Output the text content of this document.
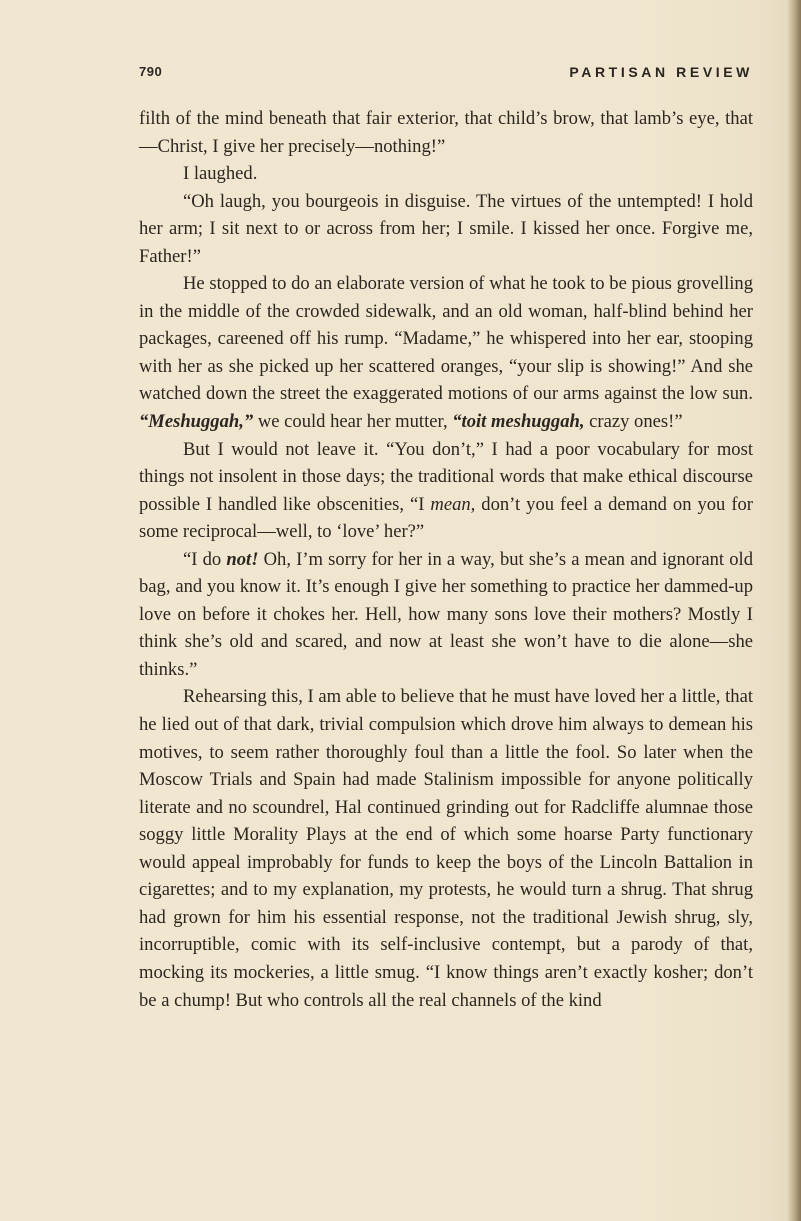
790	PARTISAN REVIEW

filth of the mind beneath that fair exterior, that child’s brow, that lamb’s eye, that—Christ, I give her precisely—nothing!”

I laughed.

“Oh laugh, you bourgeois in disguise. The virtues of the untempted! I hold her arm; I sit next to or across from her; I smile. I kissed her once. Forgive me, Father!”

He stopped to do an elaborate version of what he took to be pious grovelling in the middle of the crowded sidewalk, and an old woman, half-blind behind her packages, careened off his rump. “Madame,” he whispered into her ear, stooping with her as she picked up her scattered oranges, “your slip is showing!” And she watched down the street the exaggerated motions of our arms against the low sun. “Meshuggah,” we could hear her mutter, “toit meshuggah, crazy ones!”

But I would not leave it. “You don’t,” I had a poor vocabulary for most things not insolent in those days; the traditional words that make ethical discourse possible I handled like obscenities, “I mean, don’t you feel a demand on you for some reciprocal—well, to ‘love’ her?”

“I do not! Oh, I’m sorry for her in a way, but she’s a mean and ignorant old bag, and you know it. It’s enough I give her something to practice her dammed-up love on before it chokes her. Hell, how many sons love their mothers? Mostly I think she’s old and scared, and now at least she won’t have to die alone—she thinks.”

Rehearsing this, I am able to believe that he must have loved her a little, that he lied out of that dark, trivial compulsion which drove him always to demean his motives, to seem rather thoroughly foul than a little the fool. So later when the Moscow Trials and Spain had made Stalinism impossible for anyone politically literate and no scoundrel, Hal continued grinding out for Radcliffe alumnae those soggy little Morality Plays at the end of which some hoarse Party functionary would appeal improbably for funds to keep the boys of the Lincoln Battalion in cigarettes; and to my explanation, my protests, he would turn a shrug. That shrug had grown for him his essential response, not the traditional Jewish shrug, sly, incorruptible, comic with its self-inclusive contempt, but a parody of that, mocking its mockeries, a little smug. “I know things aren’t exactly kosher; don’t be a chump! But who controls all the real channels of the kind
